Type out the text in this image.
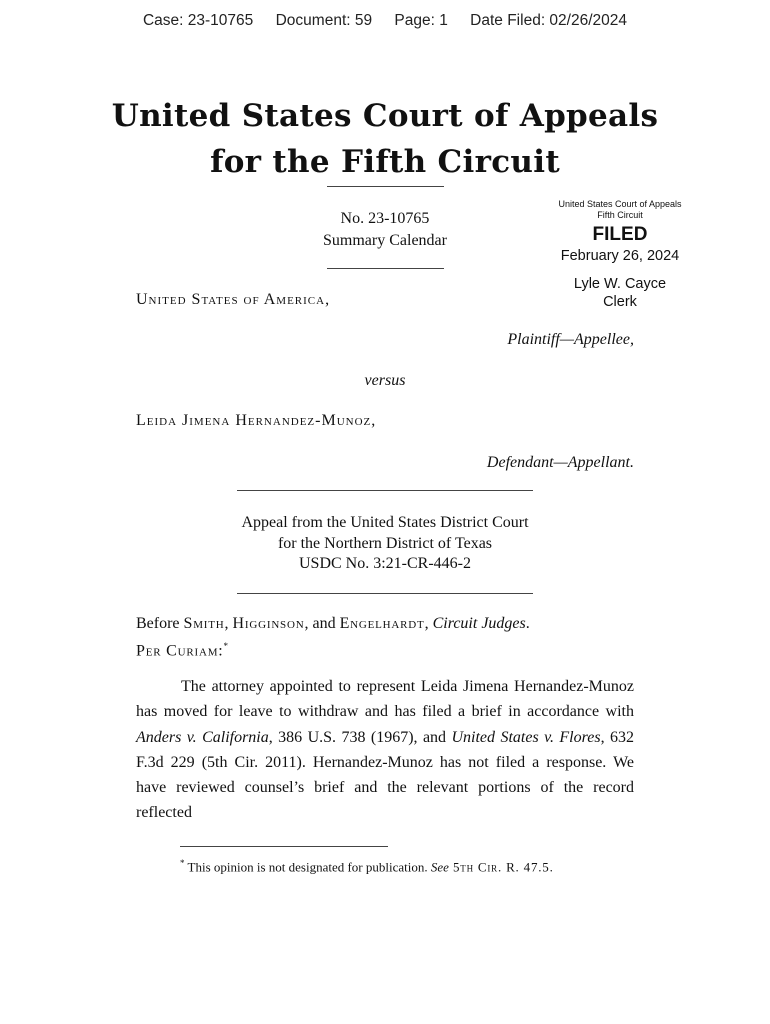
Case: 23-10765 Document: 59 Page: 1 Date Filed: 02/26/2024
United States Court of Appeals
for the Fifth Circuit
No. 23-10765
Summary Calendar
United States Court of Appeals
Fifth Circuit
FILED
February 26, 2024
Lyle W. Cayce
Clerk
United States of America,
Plaintiff—Appellee,
versus
Leida Jimena Hernandez-Munoz,
Defendant—Appellant.
Appeal from the United States District Court
for the Northern District of Texas
USDC No. 3:21-CR-446-2
Before Smith, Higginson, and Engelhardt, Circuit Judges.
Per Curiam:*

The attorney appointed to represent Leida Jimena Hernandez-Munoz has moved for leave to withdraw and has filed a brief in accordance with Anders v. California, 386 U.S. 738 (1967), and United States v. Flores, 632 F.3d 229 (5th Cir. 2011). Hernandez-Munoz has not filed a response. We have reviewed counsel’s brief and the relevant portions of the record reflected

* This opinion is not designated for publication. See 5th Cir. R. 47.5.
